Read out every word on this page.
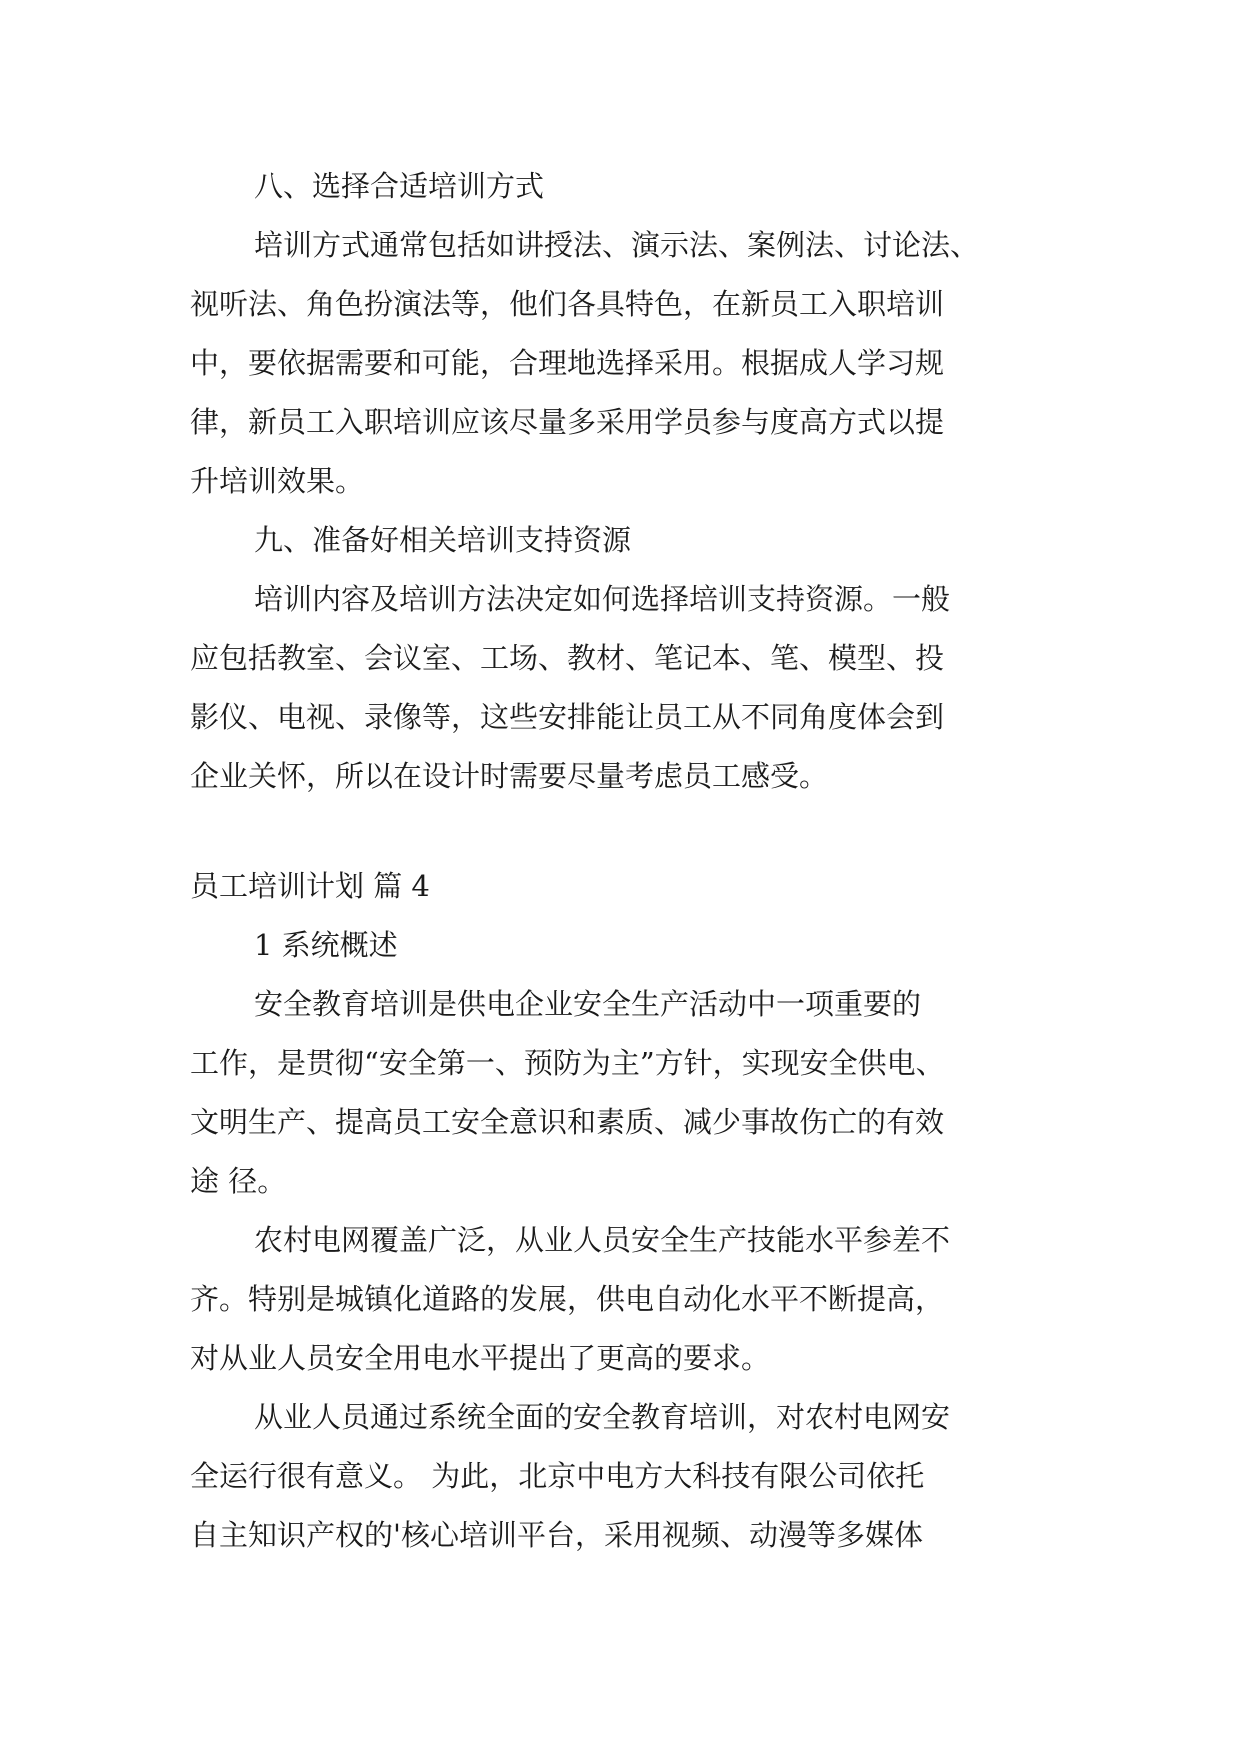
八、选择合适培训方式
培训方式通常包括如讲授法、演示法、案例法、讨论法、
视听法、角色扮演法等，他们各具特色，在新员工入职培训
中，要依据需要和可能，合理地选择采用。根据成人学习规
律，新员工入职培训应该尽量多采用学员参与度高方式以提
升培训效果。
九、准备好相关培训支持资源
培训内容及培训方法决定如何选择培训支持资源。一般
应包括教室、会议室、工场、教材、笔记本、笔、模型、投
影仪、电视、录像等，这些安排能让员工从不同角度体会到
企业关怀，所以在设计时需要尽量考虑员工感受。
员工培训计划 篇 4
1 系统概述
安全教育培训是供电企业安全生产活动中一项重要的
工作，是贯彻“安全第一、预防为主”方针，实现安全供电、
文明生产、提高员工安全意识和素质、减少事故伤亡的有效
途 径。
农村电网覆盖广泛，从业人员安全生产技能水平参差不
齐。特别是城镇化道路的发展，供电自动化水平不断提高，
对从业人员安全用电水平提出了更高的要求。
从业人员通过系统全面的安全教育培训，对农村电网安
全运行很有意义。 为此，北京中电方大科技有限公司依托
自主知识产权的'核心培训平台，采用视频、动漫等多媒体
